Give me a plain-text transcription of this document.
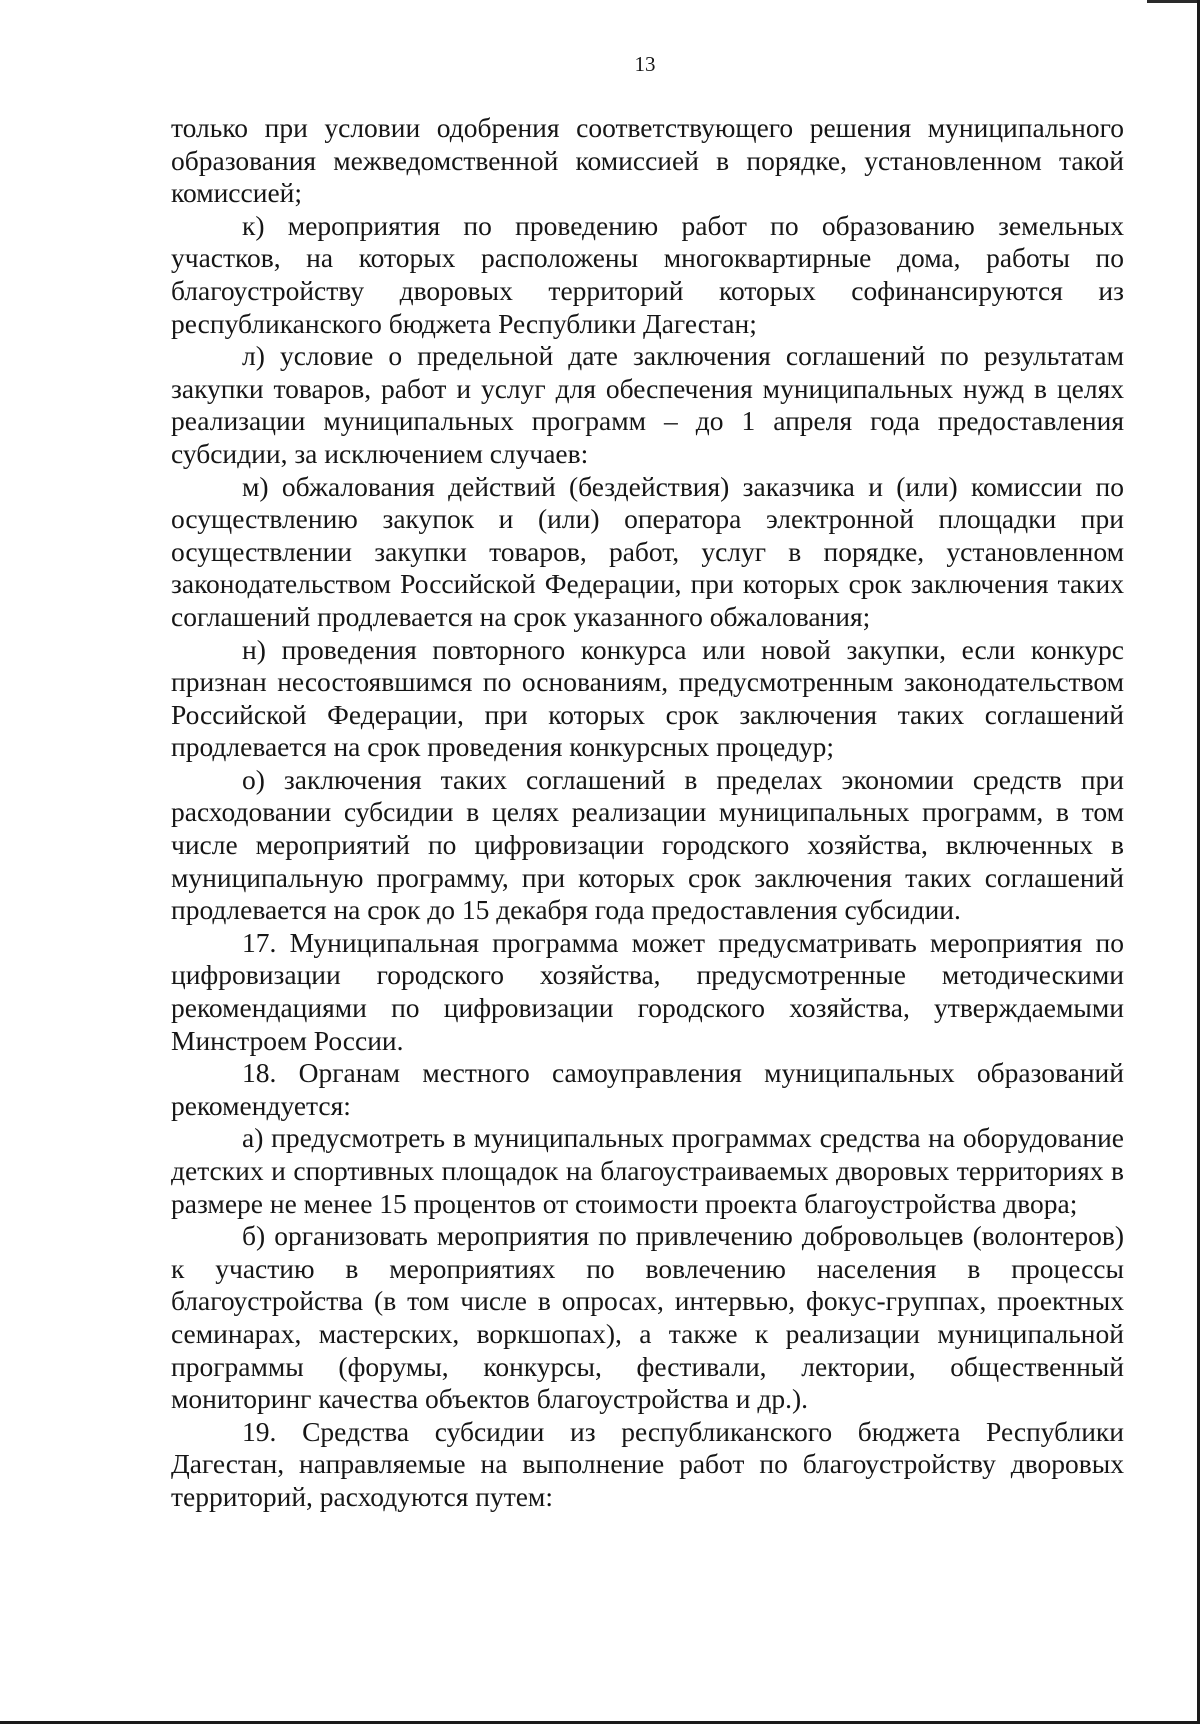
13

только при условии одобрения соответствующего решения муниципального образования межведомственной комиссией в порядке, установленном такой комиссией;

к) мероприятия по проведению работ по образованию земельных участков, на которых расположены многоквартирные дома, работы по благоустройству дворовых территорий которых софинансируются из республиканского бюджета Республики Дагестан;

л) условие о предельной дате заключения соглашений по результатам закупки товаров, работ и услуг для обеспечения муниципальных нужд в целях реализации муниципальных программ – до 1 апреля года предоставления субсидии, за исключением случаев:

м) обжалования действий (бездействия) заказчика и (или) комиссии по осуществлению закупок и (или) оператора электронной площадки при осуществлении закупки товаров, работ, услуг в порядке, установленном законодательством Российской Федерации, при которых срок заключения таких соглашений продлевается на срок указанного обжалования;

н) проведения повторного конкурса или новой закупки, если конкурс признан несостоявшимся по основаниям, предусмотренным законодательством Российской Федерации, при которых срок заключения таких соглашений продлевается на срок проведения конкурсных процедур;

о) заключения таких соглашений в пределах экономии средств при расходовании субсидии в целях реализации муниципальных программ, в том числе мероприятий по цифровизации городского хозяйства, включенных в муниципальную программу, при которых срок заключения таких соглашений продлевается на срок до 15 декабря года предоставления субсидии.

17. Муниципальная программа может предусматривать мероприятия по цифровизации городского хозяйства, предусмотренные методическими рекомендациями по цифровизации городского хозяйства, утверждаемыми Минстроем России.

18. Органам местного самоуправления муниципальных образований рекомендуется:

а) предусмотреть в муниципальных программах средства на оборудование детских и спортивных площадок на благоустраиваемых дворовых территориях в размере не менее 15 процентов от стоимости проекта благоустройства двора;

б) организовать мероприятия по привлечению добровольцев (волонтеров) к участию в мероприятиях по вовлечению населения в процессы благоустройства (в том числе в опросах, интервью, фокус-группах, проектных семинарах, мастерских, воркшопах), а также к реализации муниципальной программы (форумы, конкурсы, фестивали, лектории, общественный мониторинг качества объектов благоустройства и др.).

19. Средства субсидии из республиканского бюджета Республики Дагестан, направляемые на выполнение работ по благоустройству дворовых территорий, расходуются путем:
